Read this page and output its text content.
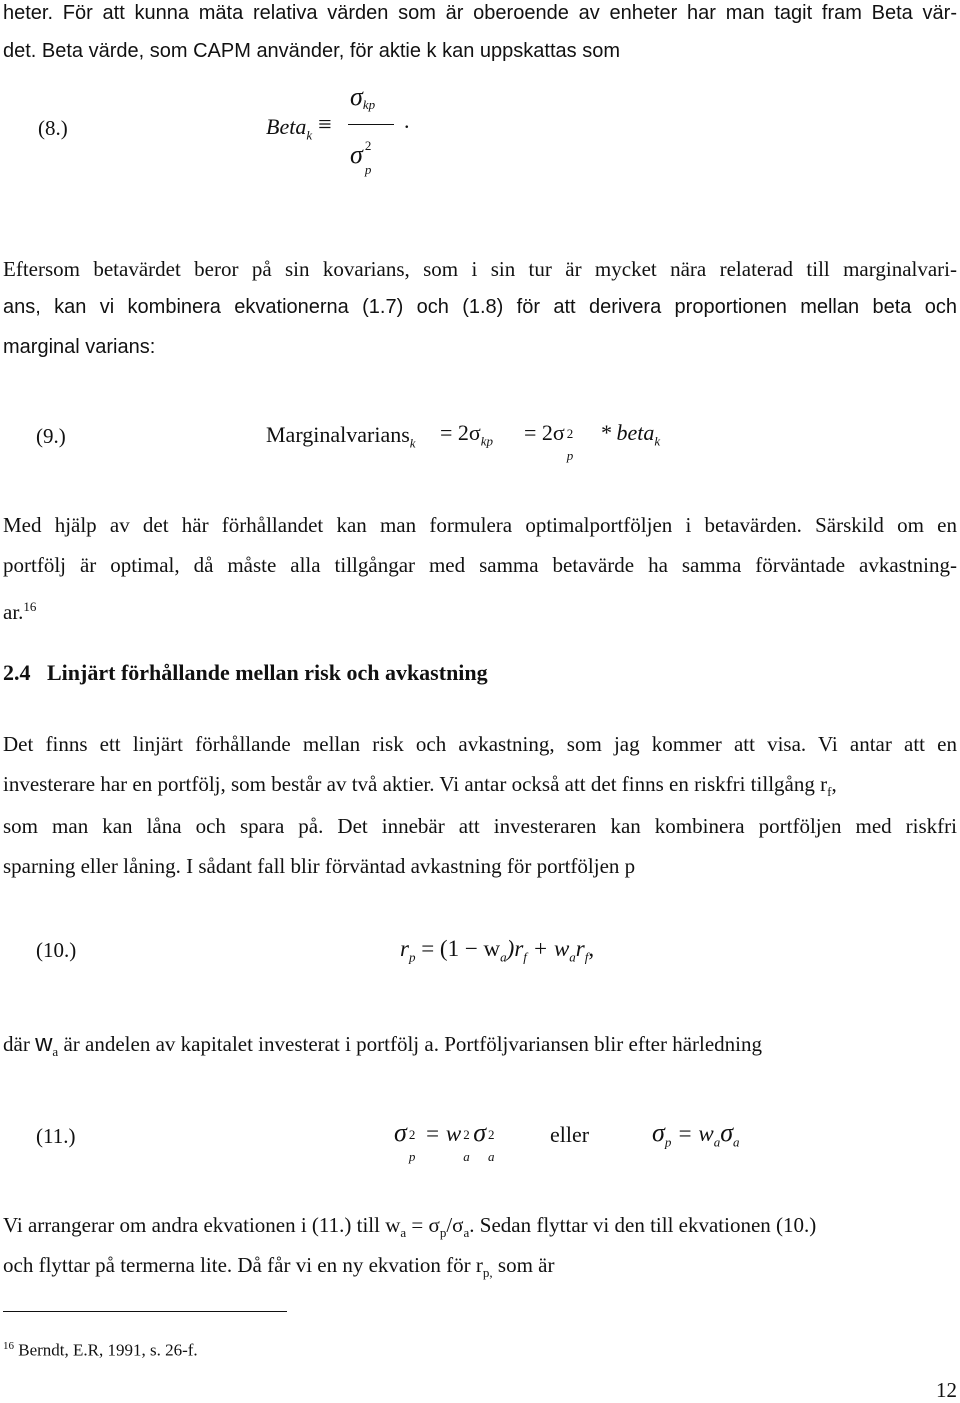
heter. För att kunna mäta relativa värden som är oberoende av enheter har man tagit fram Beta vär-
det. Beta värde, som CAPM använder, för aktie k kan uppskattas som
(8.)	Beta$_k$ ≡
$\sigma_{kp}$
σ 2
p
.
Eftersom betavärdet beror på sin kovarians, som i sin tur är mycket nära relaterad till marginalvari-
ans, kan vi kombinera ekvationerna (1.7) och (1.8) för att derivera proportionen mellan beta och
marginal varians:
(9.)	Marginalvarians$_k$ = $2\sigma_{kp} = 2\sigma$ 2
p
* beta$_k$
Med hjälp av det här förhållandet kan man formulera optimalportföljen i betavärden. Särskild om en
portfölj är optimal, då måste alla tillgångar med samma betavärde ha samma förväntade avkastning-
ar.$^{16}$
2.4   Linjärt förhållande mellan risk och avkastning
Det finns ett linjärt förhållande mellan risk och avkastning, som jag kommer att visa. Vi antar att en
investerare har en portfölj, som består av två aktier. Vi antar också att det finns en riskfri tillgång $r_f$,
som man kan låna och spara på. Det innebär att investeraren kan kombinera portföljen med riskfri
sparning eller låning. I sådant fall blir förväntad avkastning för portföljen p
(10.)	$r_p = (1 - w_a)r_f + w_ar_f$,
där $w_a$ är andelen av kapitalet investerat i portfölj a. Portföljvariansen blir efter härledning
(11.)	σ 2
p
= w 2
a
σ 2
a
eller $\sigma_p = w_a\sigma_a$
Vi arrangerar om andra ekvationen i (11.) till $w_a = \sigma_p/\sigma_a$. Sedan flyttar vi den till ekvationen (10.)
och flyttar på termerna lite. Då får vi en ny ekvation för $r_{p,}$ som är
$^{16}$ Berndt, E.R, 1991, s. 26-f.
12
